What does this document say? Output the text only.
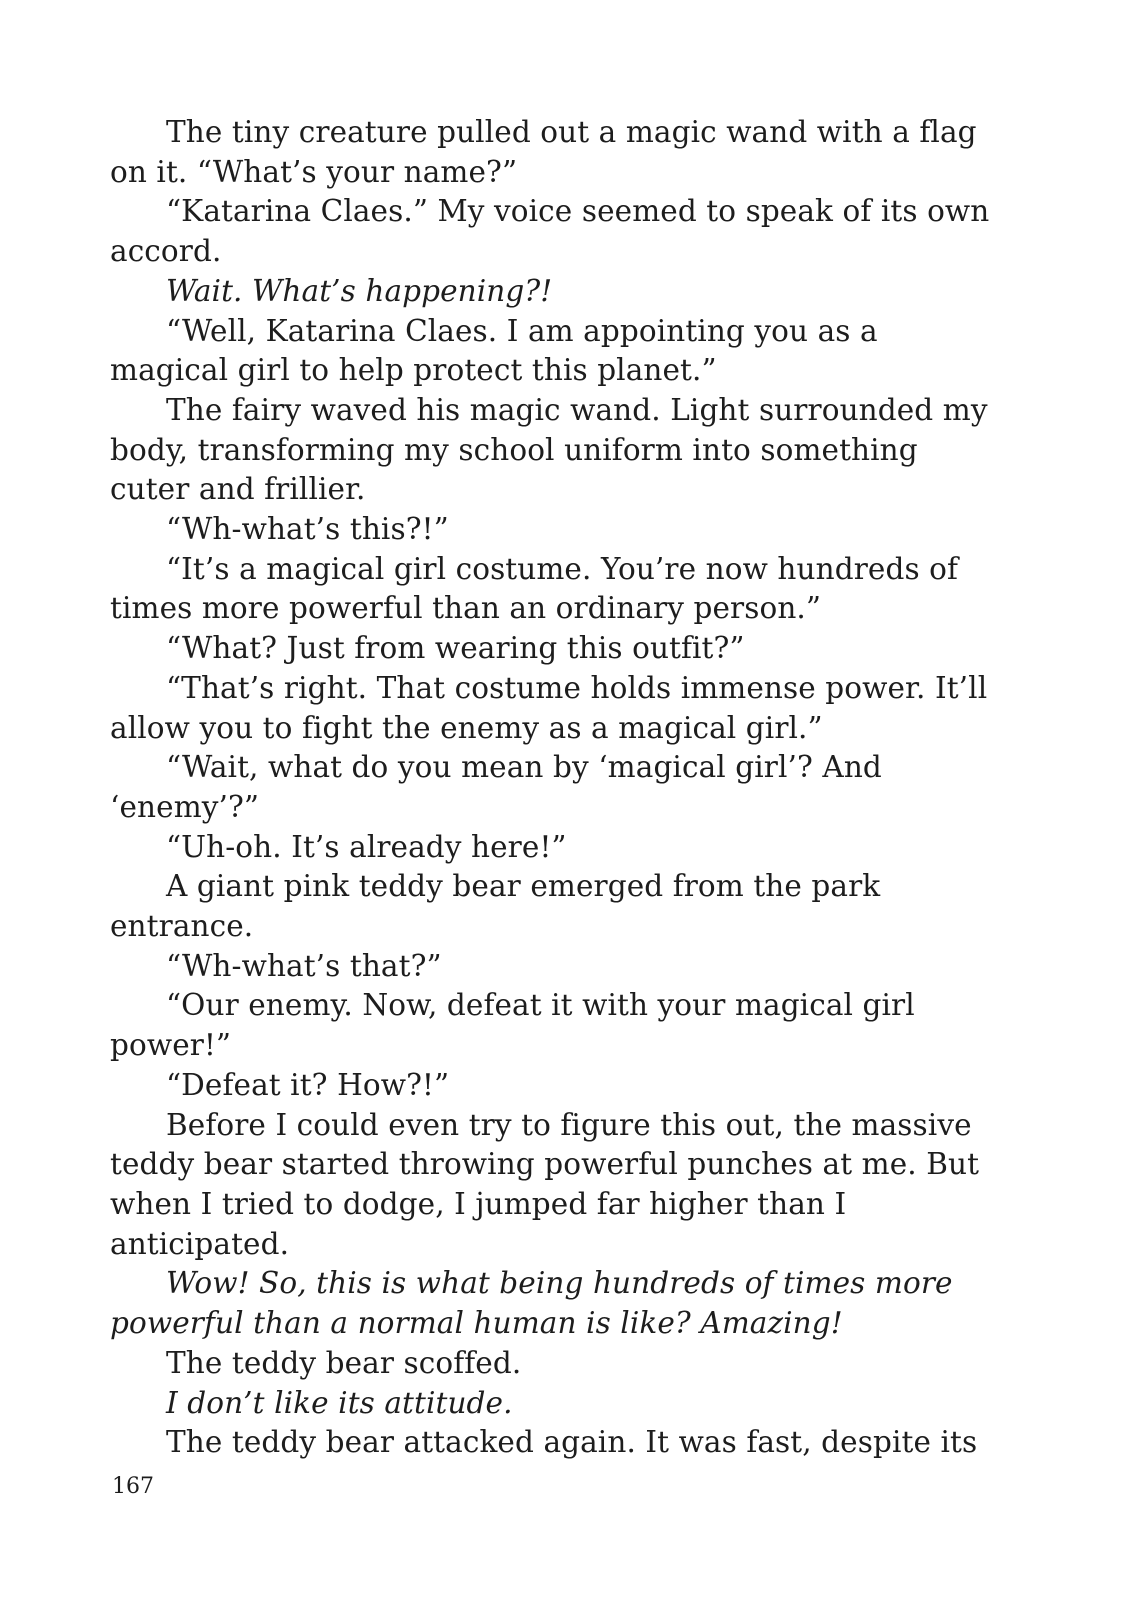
The tiny creature pulled out a magic wand with a flag on it. “What’s your name?”

“Katarina Claes.” My voice seemed to speak of its own accord.

Wait. What’s happening?!

“Well, Katarina Claes. I am appointing you as a magical girl to help protect this planet.”

The fairy waved his magic wand. Light surrounded my body, transforming my school uniform into something cuter and frillier.

“Wh-what’s this?!”

“It’s a magical girl costume. You’re now hundreds of times more powerful than an ordinary person.”

“What? Just from wearing this outfit?”

“That’s right. That costume holds immense power. It’ll allow you to fight the enemy as a magical girl.”

“Wait, what do you mean by ‘magical girl’? And ‘enemy’?”

“Uh-oh. It’s already here!”

A giant pink teddy bear emerged from the park entrance.

“Wh-what’s that?”

“Our enemy. Now, defeat it with your magical girl power!”

“Defeat it? How?!”

Before I could even try to figure this out, the massive teddy bear started throwing powerful punches at me. But when I tried to dodge, I jumped far higher than I anticipated.

Wow! So, this is what being hundreds of times more powerful than a normal human is like? Amazing!

The teddy bear scoffed.

I don’t like its attitude.

The teddy bear attacked again. It was fast, despite its

167
